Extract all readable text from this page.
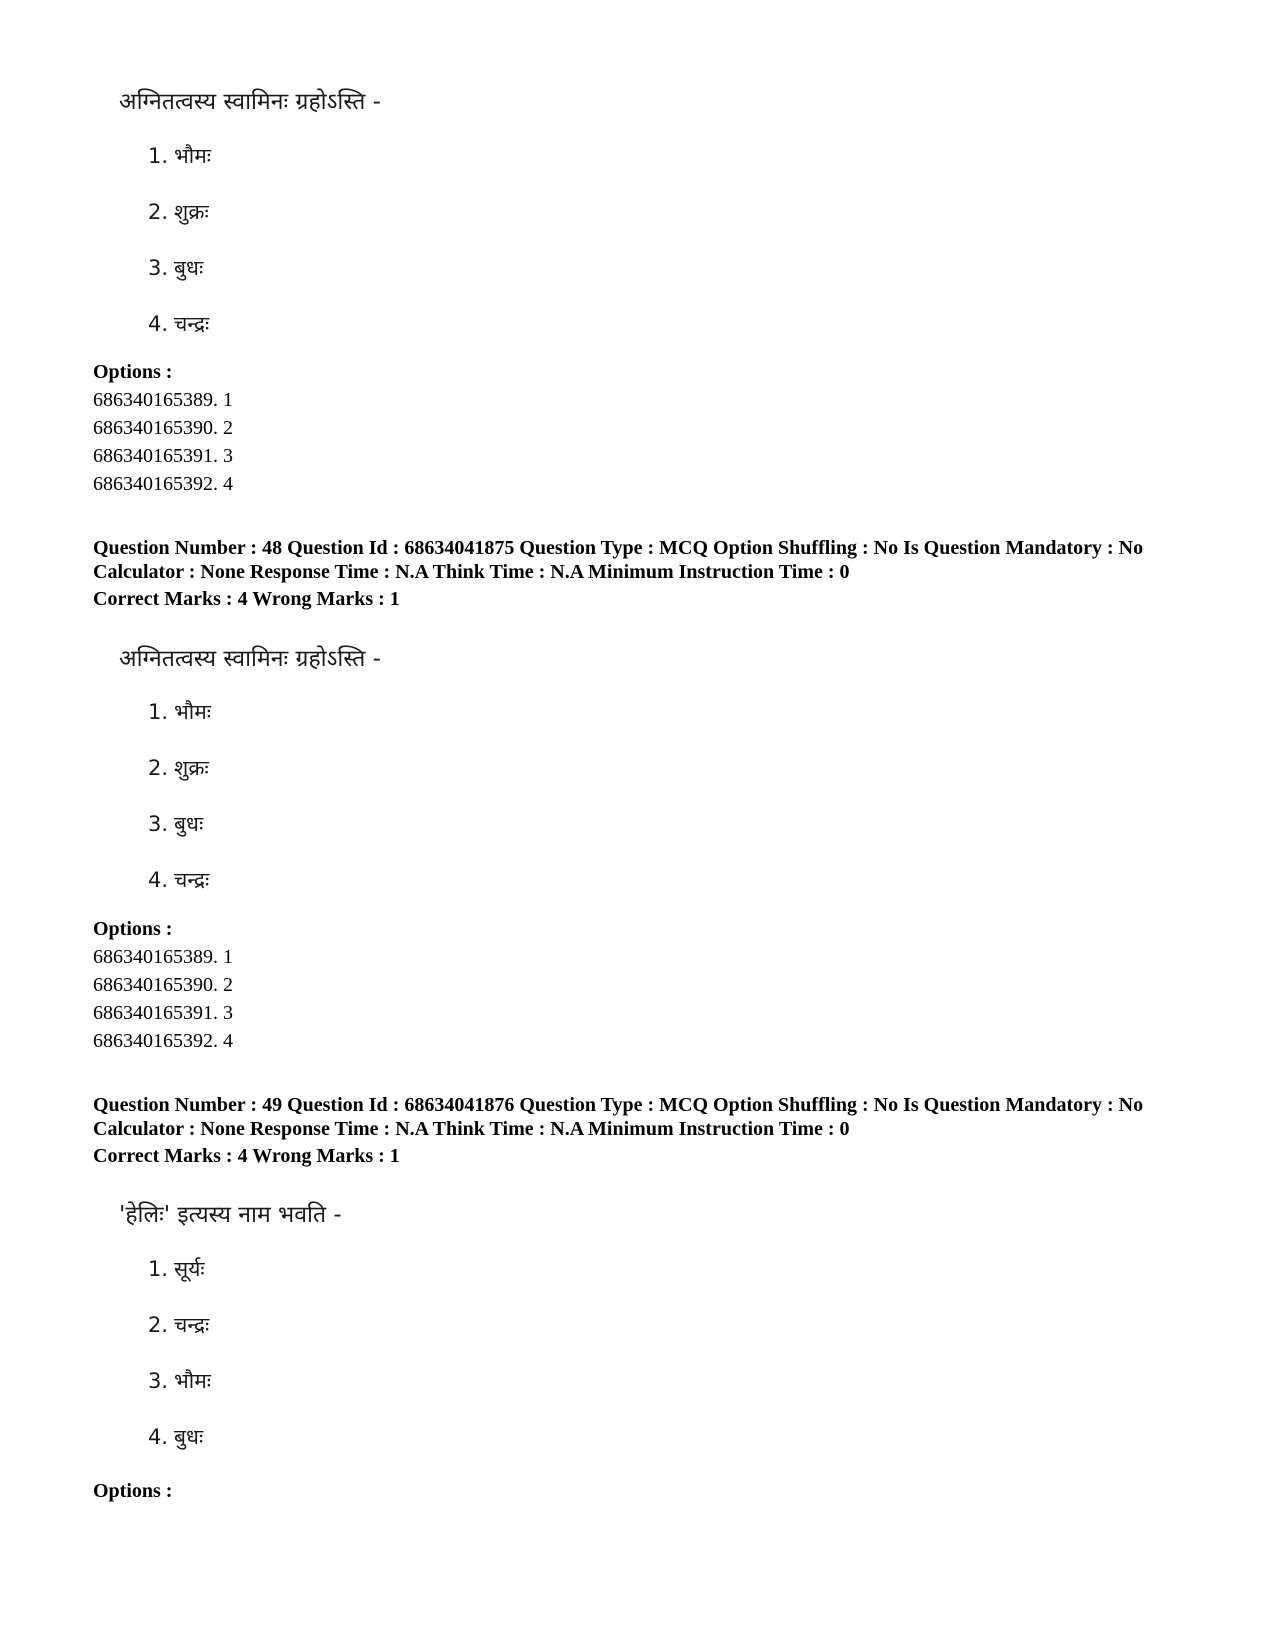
अग्नितत्वस्य स्वामिनः ग्रहोऽस्ति -
1. भौमः
2. शुक्रः
3. बुधः
4. चन्द्रः
Options :
686340165389. 1
686340165390. 2
686340165391. 3
686340165392. 4
Question Number : 48 Question Id : 68634041875 Question Type : MCQ Option Shuffling : No Is Question Mandatory : No Calculator : None Response Time : N.A Think Time : N.A Minimum Instruction Time : 0
Correct Marks : 4 Wrong Marks : 1
अग्नितत्वस्य स्वामिनः ग्रहोऽस्ति -
1. भौमः
2. शुक्रः
3. बुधः
4. चन्द्रः
Options :
686340165389. 1
686340165390. 2
686340165391. 3
686340165392. 4
Question Number : 49 Question Id : 68634041876 Question Type : MCQ Option Shuffling : No Is Question Mandatory : No Calculator : None Response Time : N.A Think Time : N.A Minimum Instruction Time : 0
Correct Marks : 4 Wrong Marks : 1
'हेलिः' इत्यस्य नाम भवति -
1. सूर्यः
2. चन्द्रः
3. भौमः
4. बुधः
Options :
